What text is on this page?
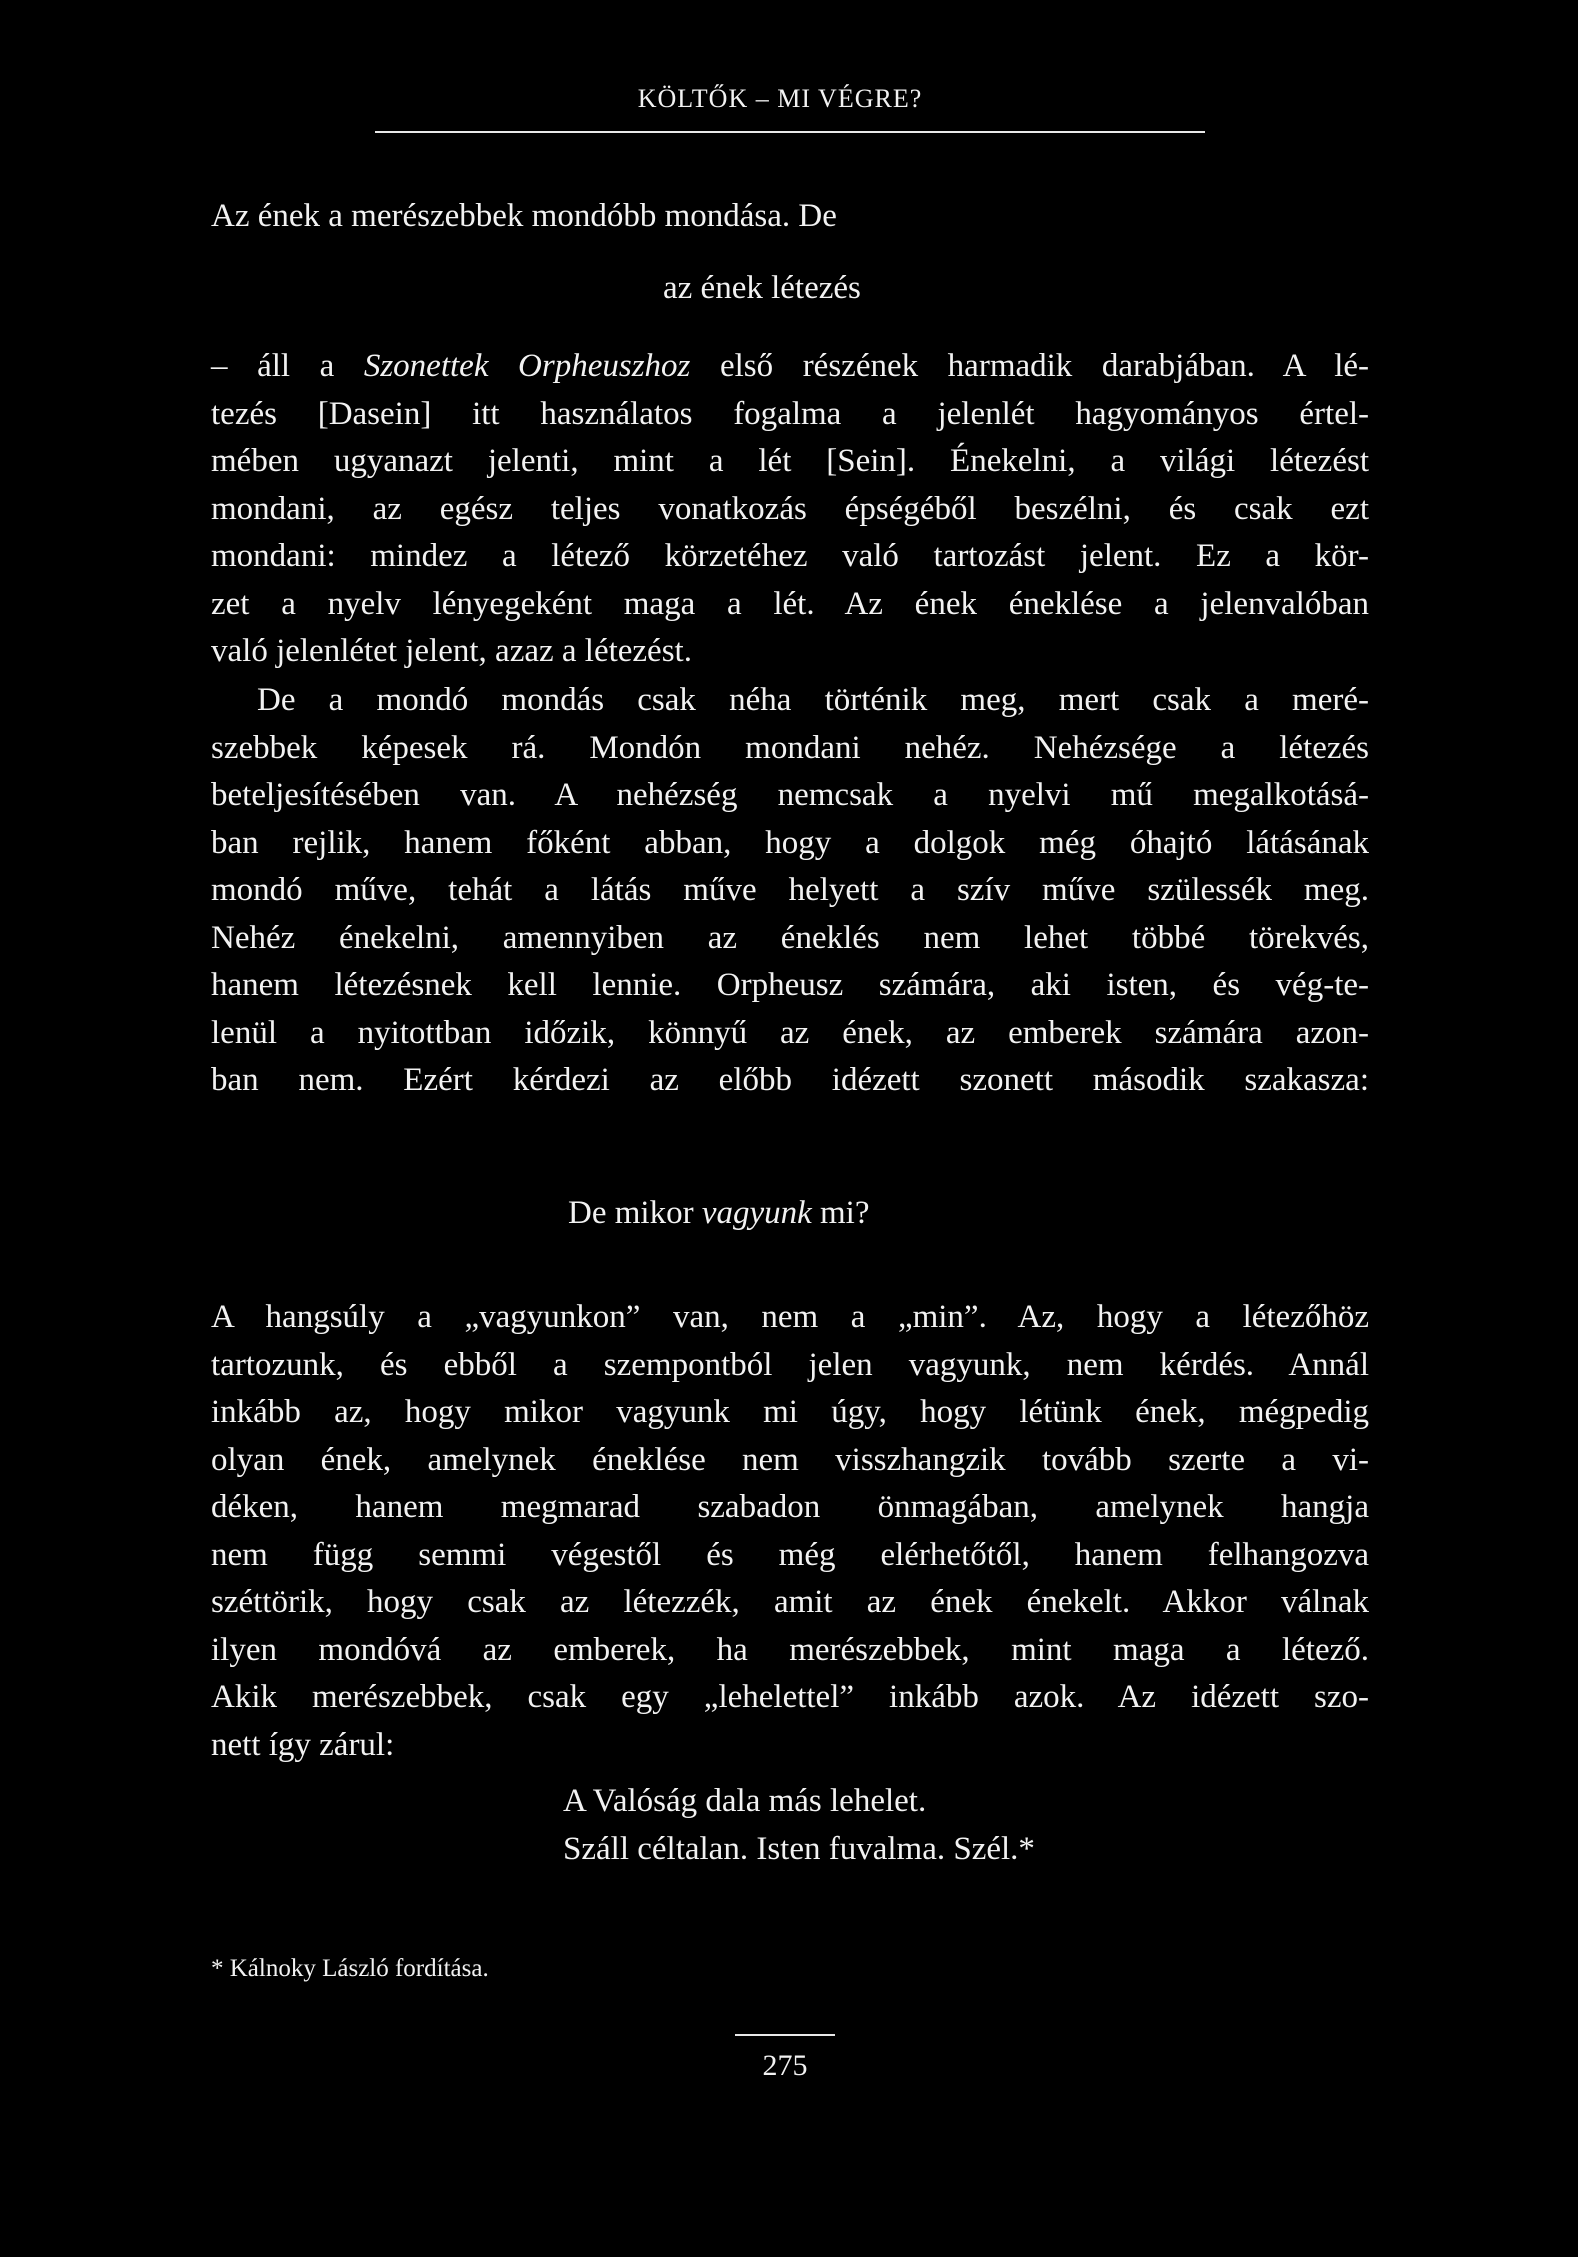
KÖLTŐK – MI VÉGRE?
Az ének a merészebbek mondóbb mondása. De
az ének létezés
– áll a Szonettek Orpheuszhoz első részének harmadik darabjában. A lé-
tezés [Dasein] itt használatos fogalma a jelenlét hagyományos értel-
mében ugyanazt jelenti, mint a lét [Sein]. Énekelni, a világi létezést
mondani, az egész teljes vonatkozás épségéből beszélni, és csak ezt
mondani: mindez a létező körzetéhez való tartozást jelent. Ez a kör-
zet a nyelv lényegeként maga a lét. Az ének éneklése a jelenvalóban
való jelenlétet jelent, azaz a létezést.
De a mondó mondás csak néha történik meg, mert csak a meré-
szebbek képesek rá. Mondón mondani nehéz. Nehézsége a létezés
beteljesítésében van. A nehézség nemcsak a nyelvi mű megalkotásá-
ban rejlik, hanem főként abban, hogy a dolgok még óhajtó látásának
mondó műve, tehát a látás műve helyett a szív műve szülessék meg.
Nehéz énekelni, amennyiben az éneklés nem lehet többé törekvés,
hanem létezésnek kell lennie. Orpheusz számára, aki isten, és vég-te-
lenül a nyitottban időzik, könnyű az ének, az emberek számára azon-
ban nem. Ezért kérdezi az előbb idézett szonett második szakasza:
De mikor vagyunk mi?
A hangsúly a „vagyunkon” van, nem a „min”. Az, hogy a létezőhöz
tartozunk, és ebből a szempontból jelen vagyunk, nem kérdés. Annál
inkább az, hogy mikor vagyunk mi úgy, hogy létünk ének, mégpedig
olyan ének, amelynek éneklése nem visszhangzik tovább szerte a vi-
déken, hanem megmarad szabadon önmagában, amelynek hangja
nem függ semmi végestől és még elérhetőtől, hanem felhangozva
széttörik, hogy csak az létezzék, amit az ének énekelt. Akkor válnak
ilyen mondóvá az emberek, ha merészebbek, mint maga a létező.
Akik merészebbek, csak egy „lehelettel” inkább azok. Az idézett szo-
nett így zárul:
A Valóság dala más lehelet.
Száll céltalan. Isten fuvalma. Szél.*
* Kálnoky László fordítása.
275
